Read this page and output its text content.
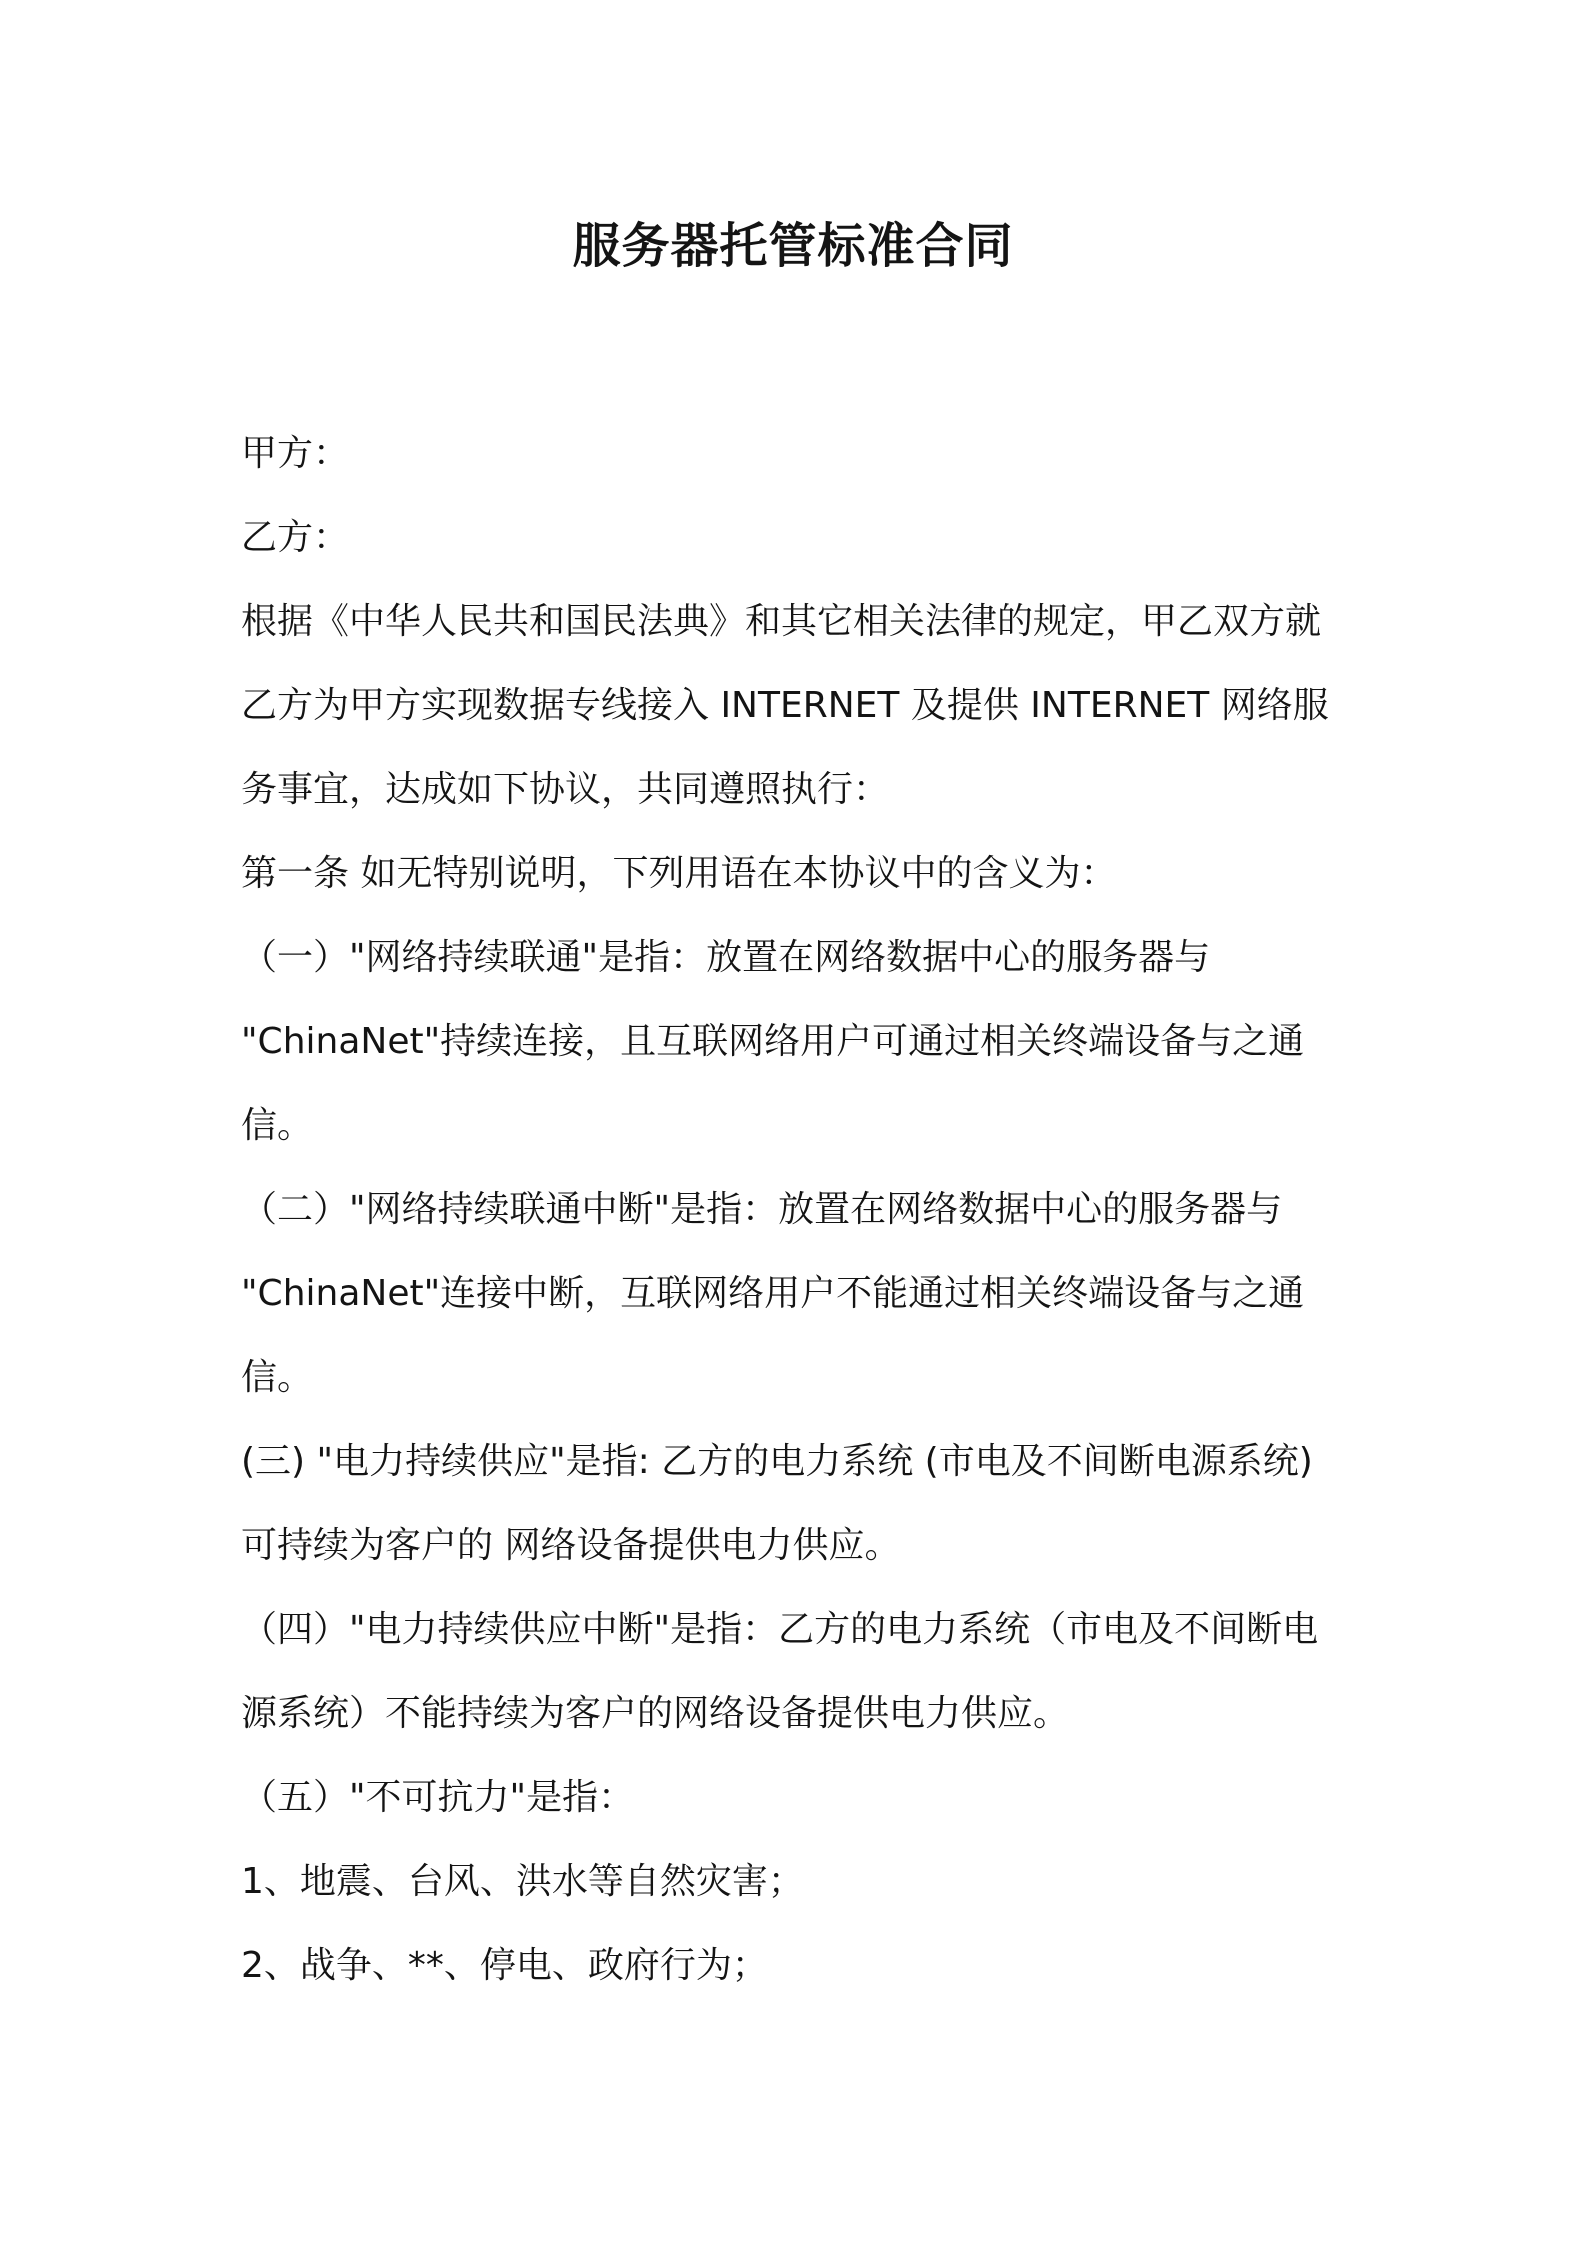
服务器托管标准合同
甲方：
乙方：
根据《中华人民共和国民法典》和其它相关法律的规定，甲乙双方就
乙方为甲方实现数据专线接入 INTERNET 及提供 INTERNET 网络服
务事宜，达成如下协议，共同遵照执行：
第一条 如无特别说明，下列用语在本协议中的含义为：
（一）"网络持续联通"是指：放置在网络数据中心的服务器与
"ChinaNet"持续连接，且互联网络用户可通过相关终端设备与之通
信。
（二）"网络持续联通中断"是指：放置在网络数据中心的服务器与
"ChinaNet"连接中断，互联网络用户不能通过相关终端设备与之通
信。
(三) "电力持续供应"是指: 乙方的电力系统 (市电及不间断电源系统)
可持续为客户的 网络设备提供电力供应。
（四）"电力持续供应中断"是指：乙方的电力系统（市电及不间断电
源系统）不能持续为客户的网络设备提供电力供应。
（五）"不可抗力"是指：
1、地震、台风、洪水等自然灾害；
2、战争、**、停电、政府行为；
